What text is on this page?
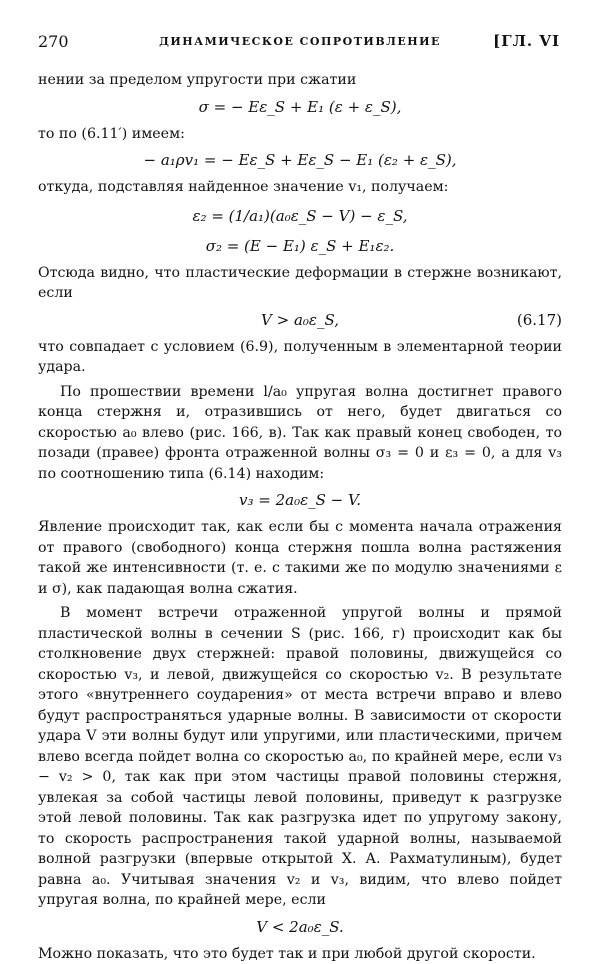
270	ДИНАМИЧЕСКОЕ СОПРОТИВЛЕНИЕ	[ГЛ. VI

нении за пределом упругости при сжатии

σ = − Eε_S + E₁ (ε + ε_S),

то по (6.11′) имеем:

− a₁ρv₁ = − Eε_S + Eε_S − E₁ (ε₂ + ε_S),

откуда, подставляя найденное значение v₁, получаем:

ε₂ = (1/a₁)(a₀ε_S − V) − ε_S,
σ₂ = (E − E₁) ε_S + E₁ε₂.

Отсюда видно, что пластические деформации в стержне возникают, если

V > a₀ε_S,	(6.17)

что совпадает с условием (6.9), полученным в элементарной теории удара.

По прошествии времени l/a₀ упругая волна достигнет правого конца стержня и, отразившись от него, будет двигаться со скоростью a₀ влево (рис. 166, в). Так как правый конец свободен, то позади (правее) фронта отраженной волны σ₃ = 0 и ε₃ = 0, а для v₃ по соотношению типа (6.14) находим:

v₃ = 2a₀ε_S − V.

Явление происходит так, как если бы с момента начала отражения от правого (свободного) конца стержня пошла волна растяжения такой же интенсивности (т. е. с такими же по модулю значениями ε и σ), как падающая волна сжатия.

В момент встречи отраженной упругой волны и прямой пластической волны в сечении S (рис. 166, г) происходит как бы столкновение двух стержней: правой половины, движущейся со скоростью v₃, и левой, движущейся со скоростью v₂. В результате этого «внутреннего соударения» от места встречи вправо и влево будут распространяться ударные волны. В зависимости от скорости удара V эти волны будут или упругими, или пластическими, причем влево всегда пойдет волна со скоростью a₀, по крайней мере, если v₃ − v₂ > 0, так как при этом частицы правой половины стержня, увлекая за собой частицы левой половины, приведут к разгрузке этой левой половины. Так как разгрузка идет по упругому закону, то скорость распространения такой ударной волны, называемой волной разгрузки (впервые открытой Х. А. Рахматулиным), будет равна a₀. Учитывая значения v₂ и v₃, видим, что влево пойдет упругая волна, по крайней мере, если

V < 2a₀ε_S.

Можно показать, что это будет так и при любой другой скорости.
